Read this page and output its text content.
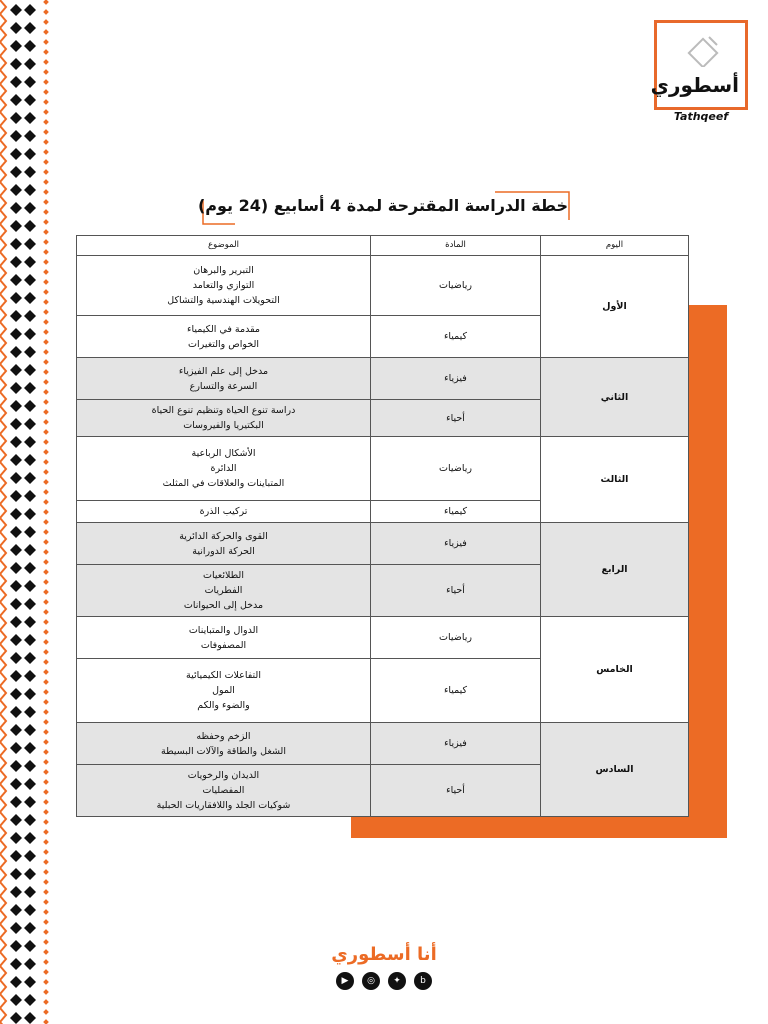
أسطوري
Tathqeef
خطة الدراسة المقترحة لمدة 4 أسابيع (24 يوم)
اليوم	المادة	الموضوع
الأول	رياضيات	التبرير والبرهان
التوازي والتعامد
التحويلات الهندسية والتشاكل

	كيمياء	مقدمة في الكيمياء
الخواص والتغيرات

الثاني	فيزياء	مدخل إلى علم الفيزياء
السرعة والتسارع

	أحياء	دراسة تنوع الحياة وتنظيم تنوع الحياة
البكتيريا والفيروسات

الثالث	رياضيات	الأشكال الرباعية
الدائرة
المتباينات والعلاقات في المثلث

	كيمياء	تركيب الذرة

الرابع	فيزياء	القوى والحركة الدائرية
الحركة الدورانية

	أحياء	الطلائعيات
الفطريات
مدخل إلى الحيوانات

الخامس	رياضيات	الدوال والمتباينات
المصفوفات

	كيمياء	التفاعلات الكيميائية
المول
والضوء والكم

السادس	فيزياء	الزخم وحفظه
الشغل والطاقة والآلات البسيطة

	أحياء	الديدان والرخويات
المفصليات
شوكيات الجلد واللافقاريات الحبلية
أنا أسطوري
▶	◎	✦	b
